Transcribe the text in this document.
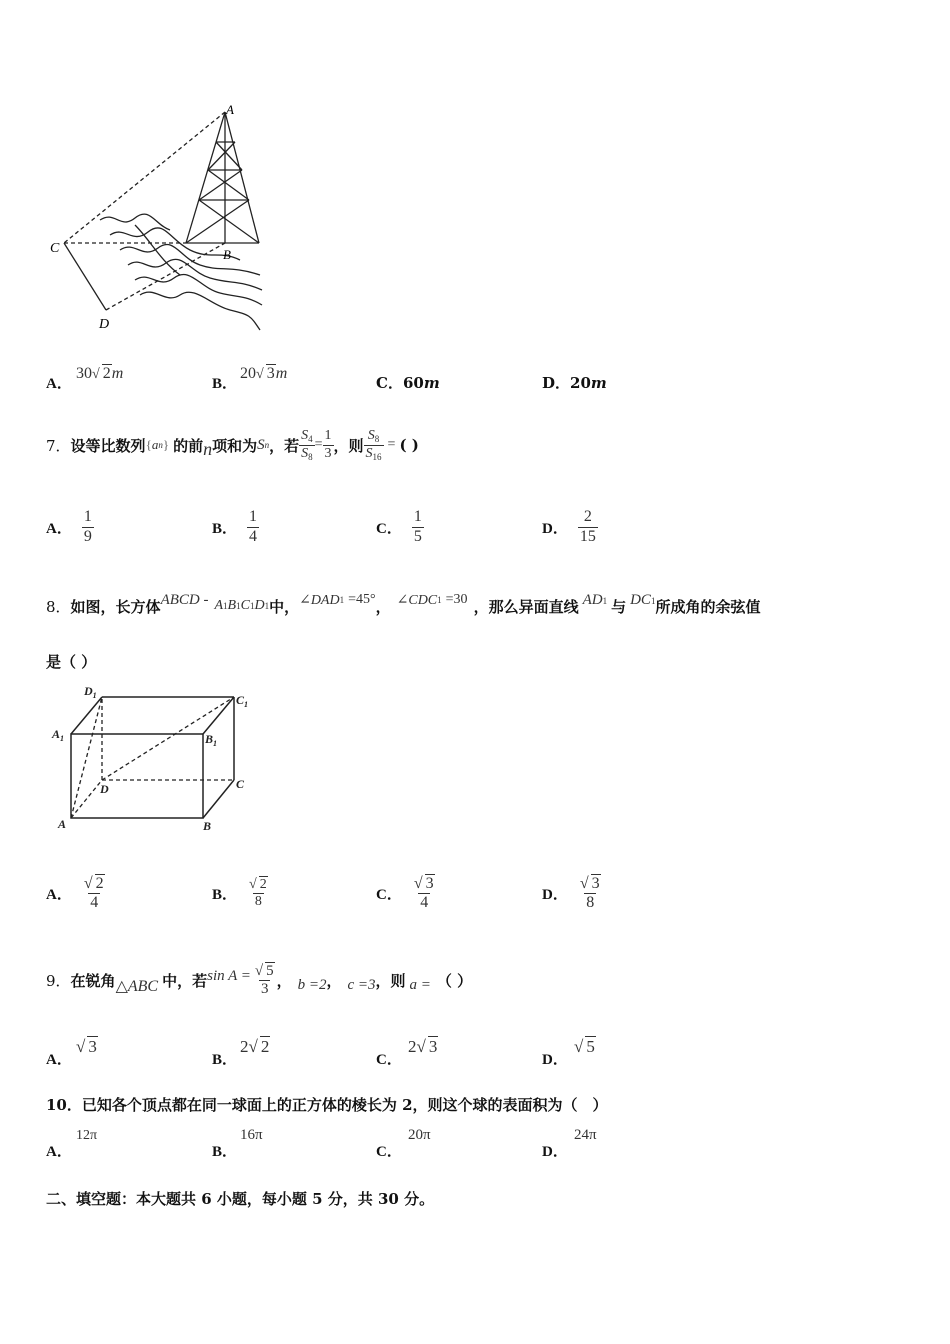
A
C	B
D
A．
30√ 2m
B．
20√ 3m
C．60m	D．20m
7． 设等比数列 { a n } 的前 n 项和为 S n ，若 $\frac{S_4}{S_8} = \frac{1}{3}$ ，则 $\frac{S_8}{S_{16}}$ = ( )
A． $\frac{1}{9}$	B． $\frac{1}{4}$	C． $\frac{1}{5}$	D． $\frac{2}{15}$
8． 如图，长方体 ABCD - A 1 B 1 C 1 D 1 中， ∠DAD 1 =45° ， ∠CDC 1 =30 ，那么异面直线 AD 1 与 DC 1 所成角的余弦值
是（ ）
$D_1$	$C_1$
$A_1$	$B_1$
D	C
A	B
A． $\frac{√ 2}{4}$	B． $\frac{√ 2}{8}$	C． $\frac{√ 3}{4}$	D． $\frac{√ 3}{8}$
9． 在锐角 △ABC 中，若 $\sin A = \frac{√ 5}{3}$ ， b =2 ， c =3 ，则 a = （ ）
A．
√ 3
B．
2√ 2
C．
2√ 3
D．
√ 5
10．已知各个顶点都在同一球面上的正方体的棱长为 2，则这个球的表面积为（　）
A．
12π
B．
16π
C．
20π
D．
24π
二、填空题：本大题共 6 小题，每小题 5 分，共 30 分。
